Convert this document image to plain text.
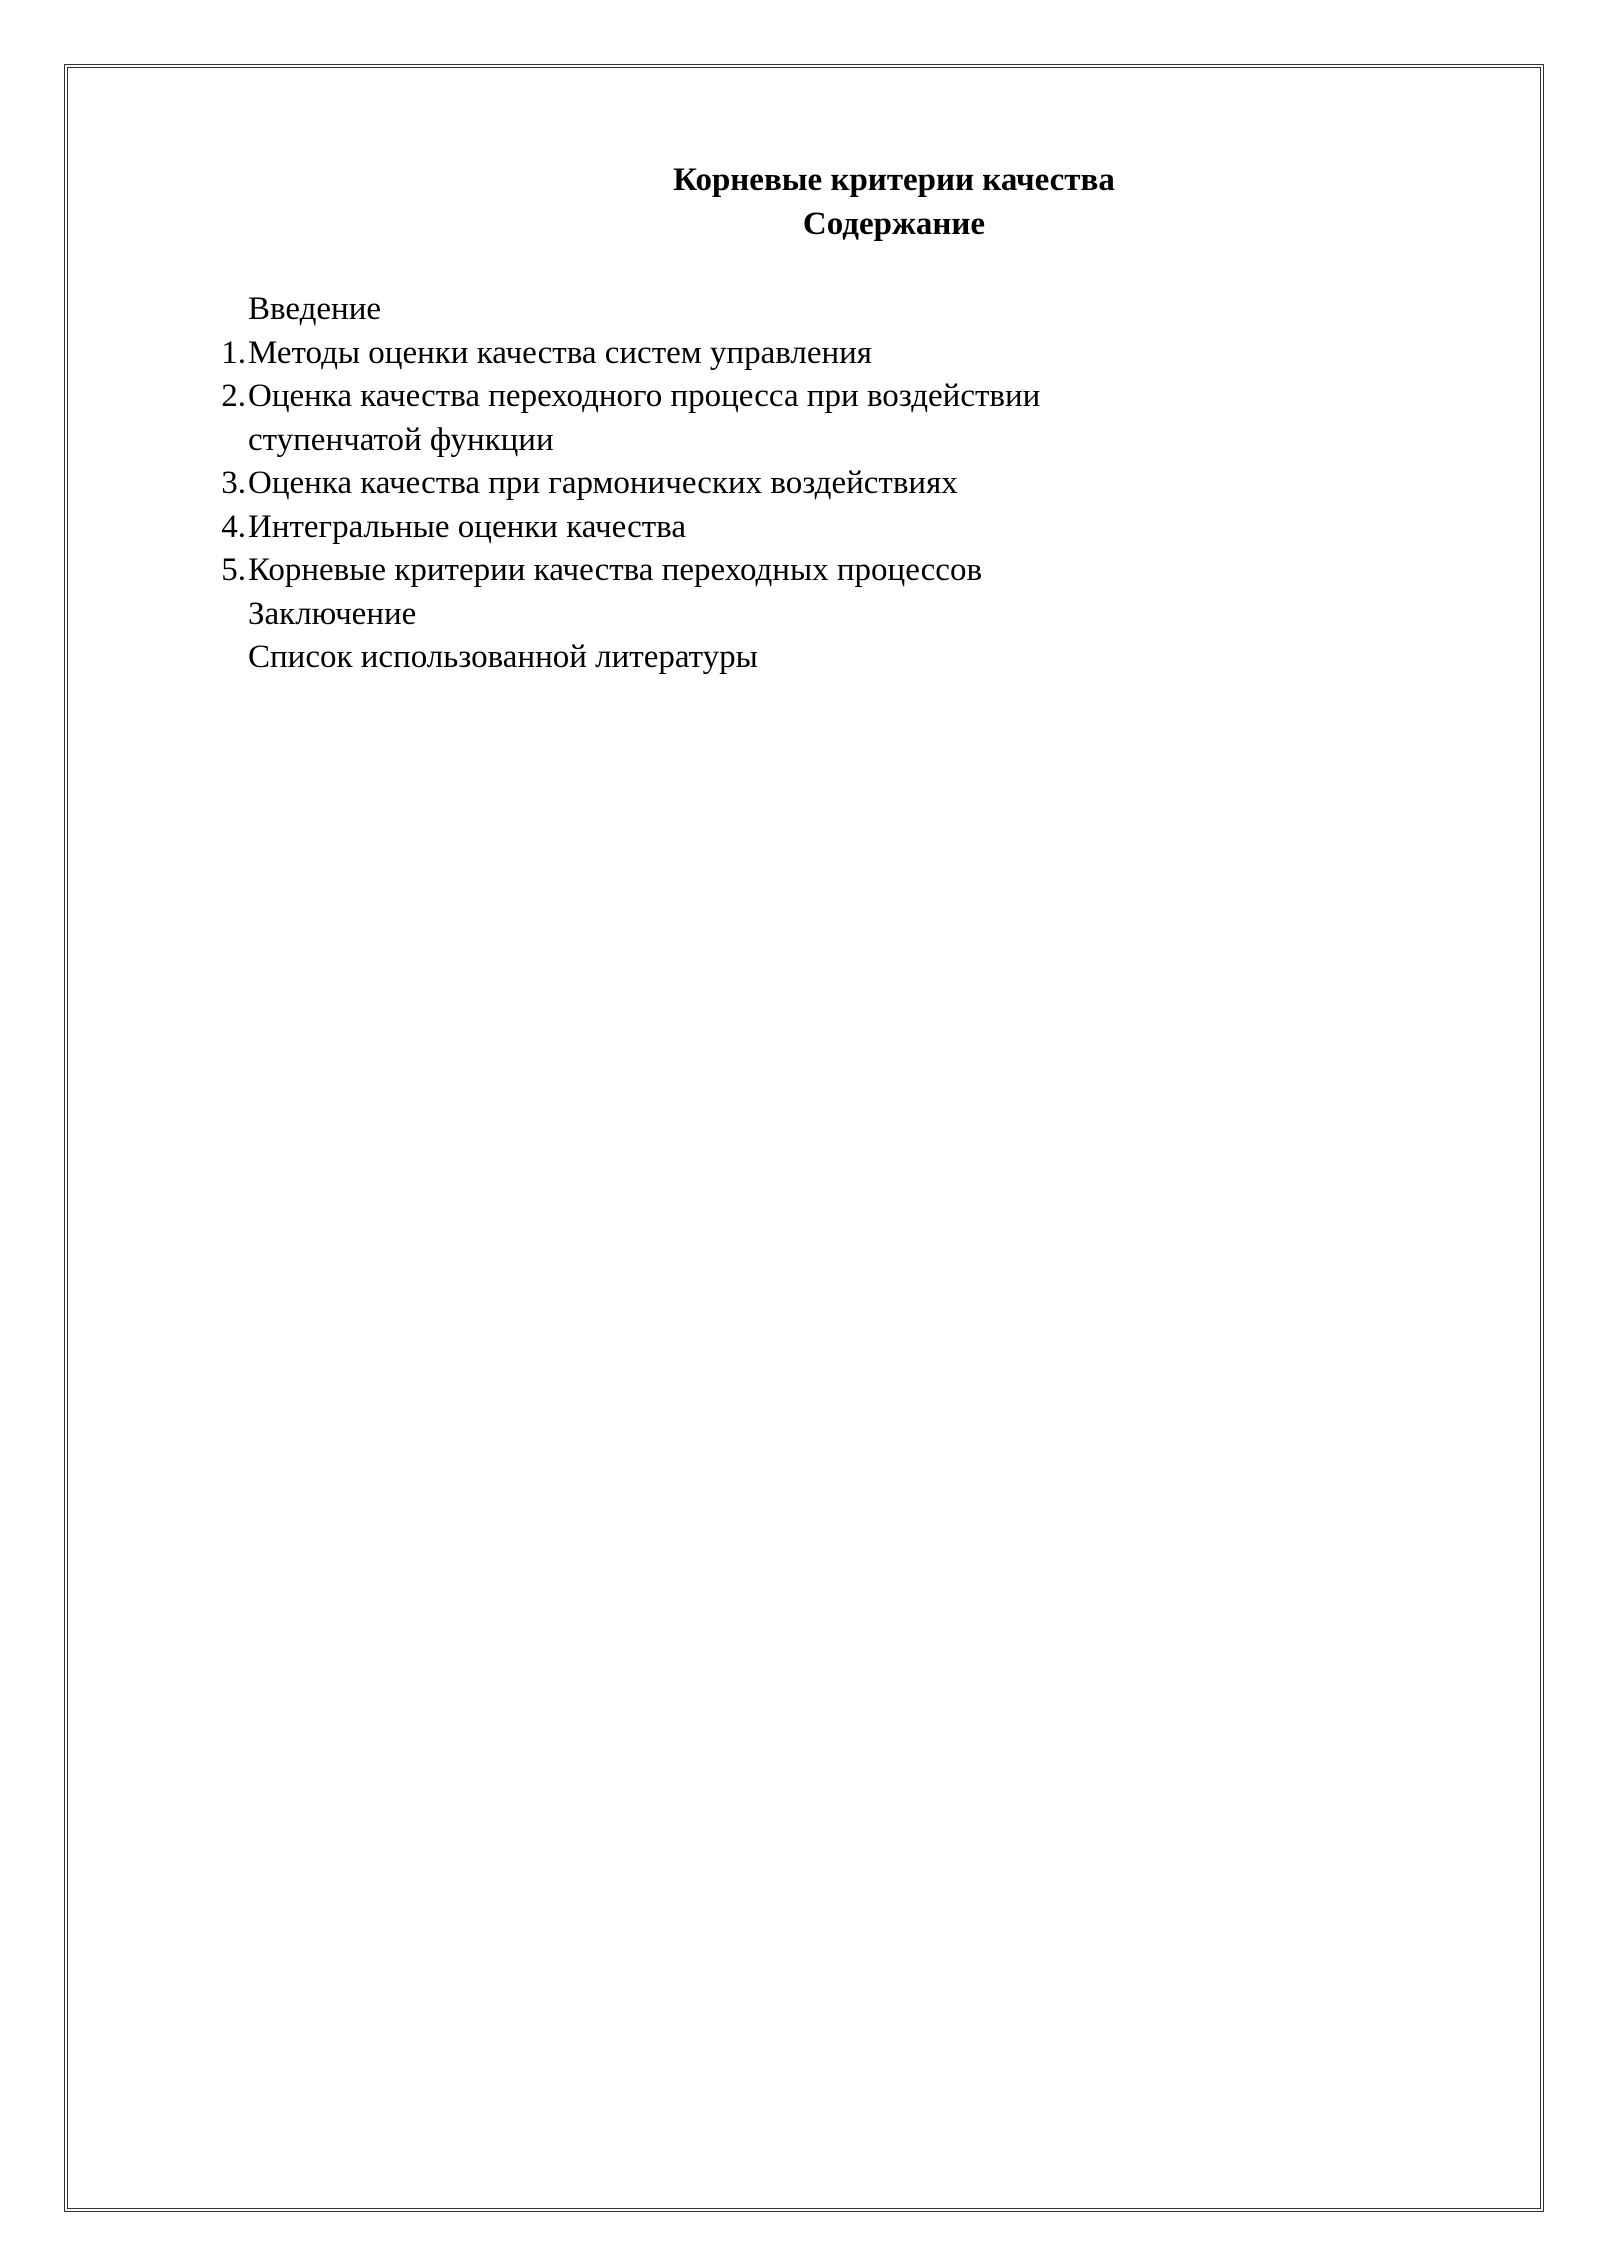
Корневые критерии качества
Содержание
Введение
1. Методы оценки качества систем управления
2. Оценка качества переходного процесса при воздействии
ступенчатой функции
3. Оценка качества при гармонических воздействиях
4. Интегральные оценки качества
5. Корневые критерии качества переходных процессов
Заключение
Список использованной литературы
